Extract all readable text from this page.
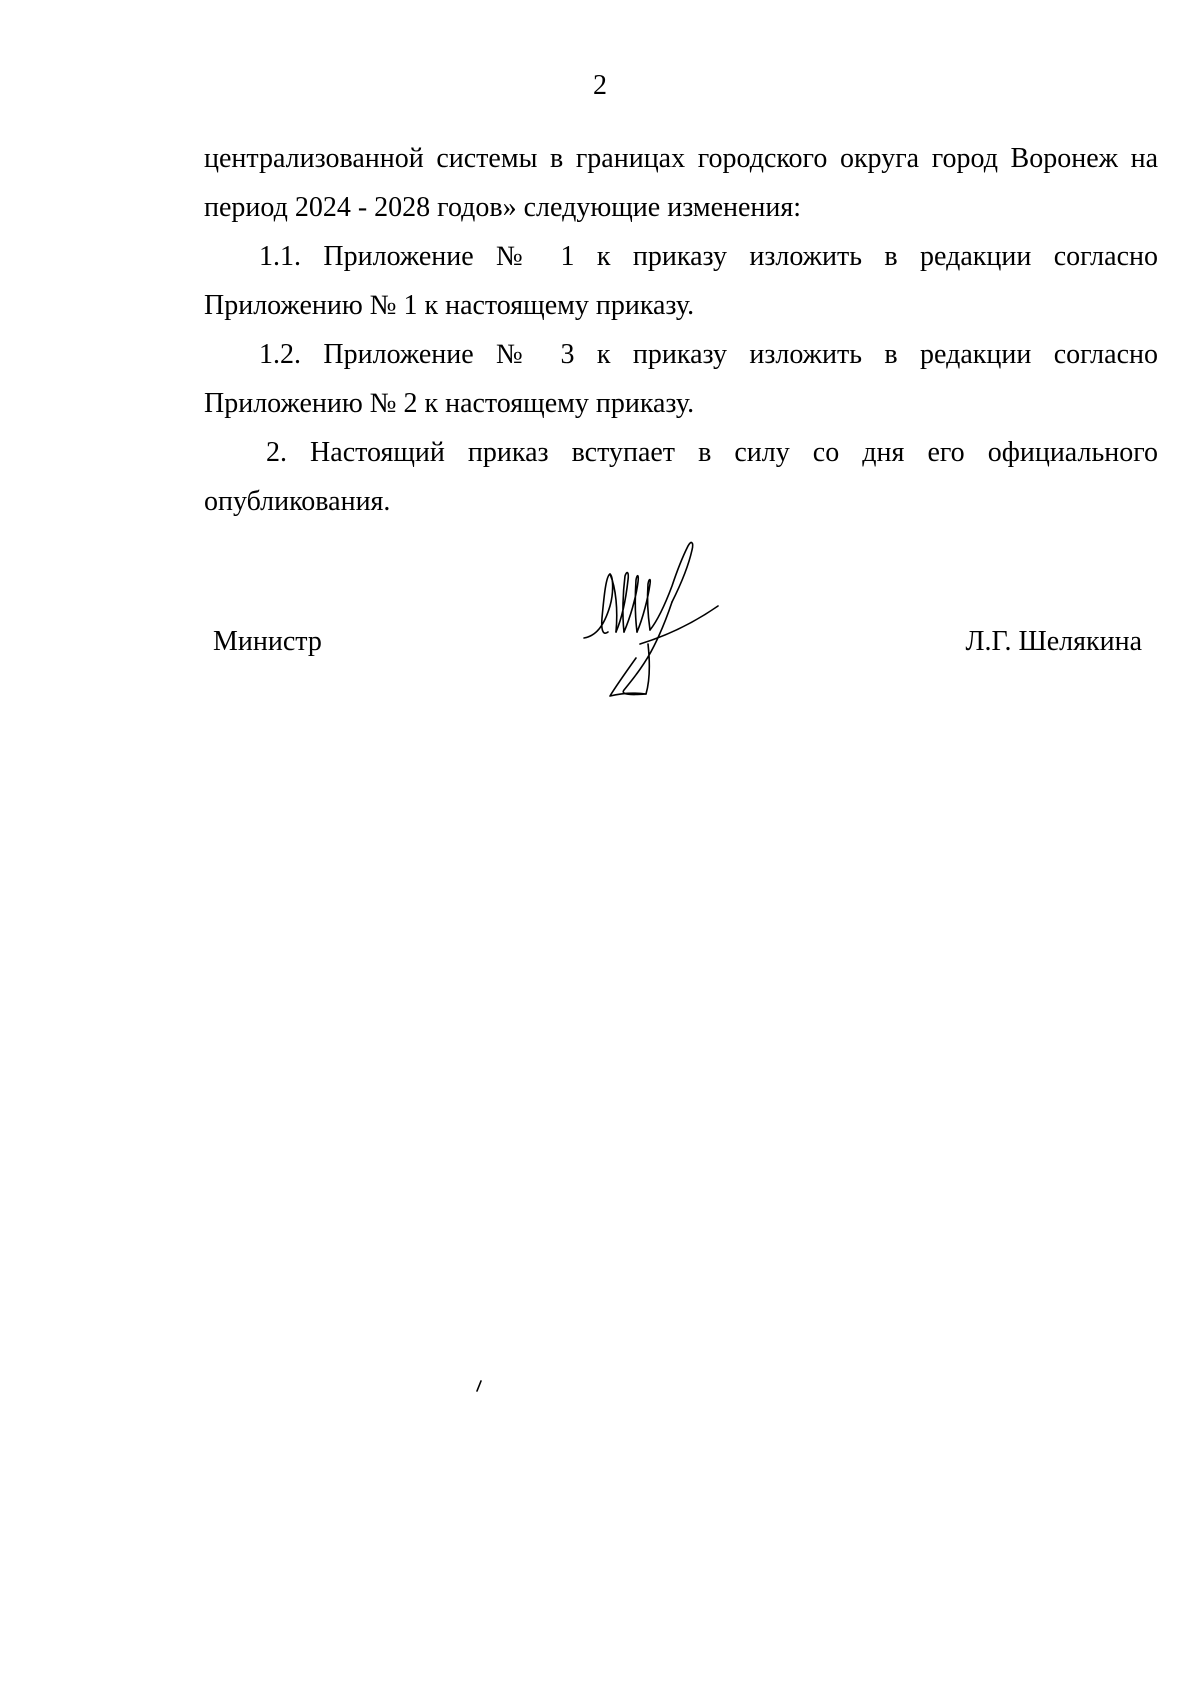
2

централизованной системы в границах городского округа город Воронеж на период 2024 - 2028 годов» следующие изменения:

1.1. Приложение № 1 к приказу изложить в редакции согласно Приложению № 1 к настоящему приказу.

1.2. Приложение № 3 к приказу изложить в редакции согласно Приложению № 2 к настоящему приказу.

2. Настоящий приказ вступает в силу со дня его официального опубликования.

Министр	Л.Г. Шелякина
